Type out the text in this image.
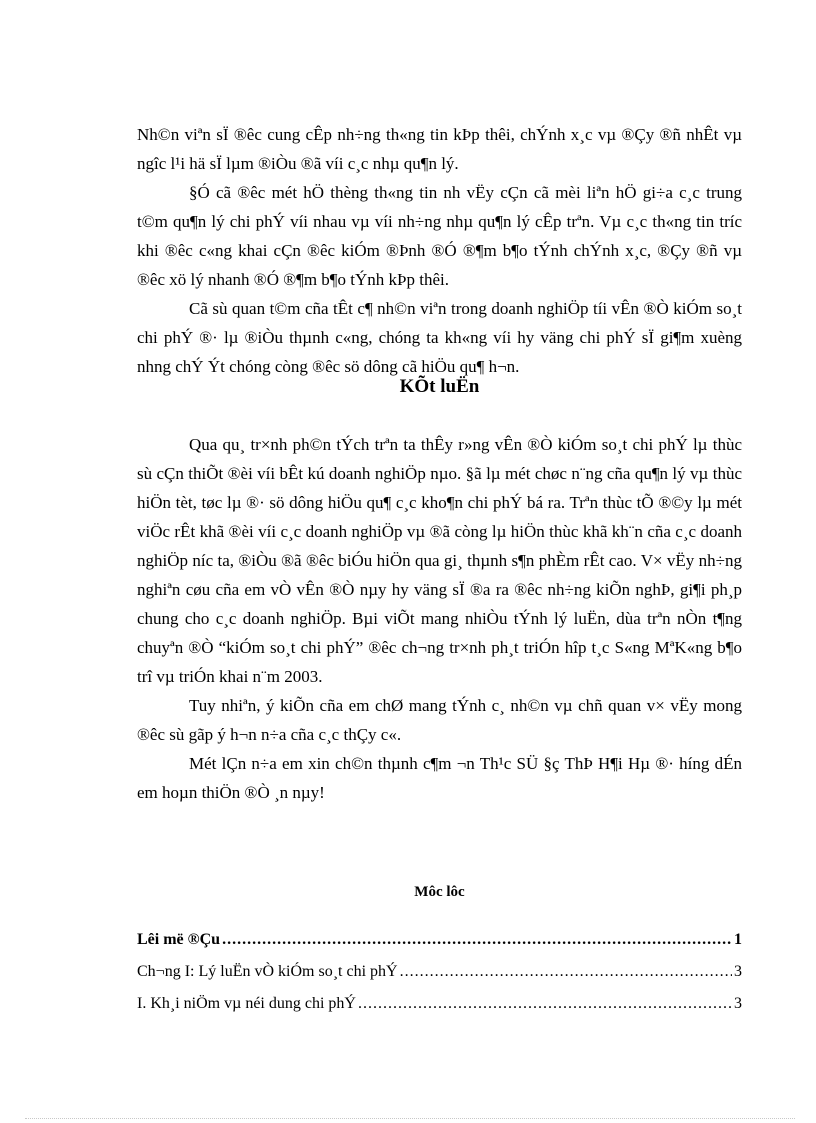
Nh©n viªn sÏ ®êc cung cÊp nh÷ng th«ng tin kÞp thêi, chÝnh x¸c vµ ®Çy ®ñ nhÊt vµ ngîc l¹i hä sÏ lµm ®iÒu ®ã víi c¸c nhµ qu¶n lý.

§Ó cã ®êc mét hÖ thèng th«ng tin nh vËy cÇn cã mèi liªn hÖ gi÷a c¸c trung t©m qu¶n lý chi phÝ víi nhau vµ víi nh÷ng nhµ qu¶n lý cÊp trªn. Vµ c¸c th«ng tin tríc khi ®êc c«ng khai cÇn ®êc kiÓm ®Þnh ®Ó ®¶m b¶o tÝnh chÝnh x¸c, ®Çy ®ñ vµ ®êc xö lý nhanh ®Ó ®¶m b¶o tÝnh kÞp thêi.

Cã sù quan t©m cña tÊt c¶ nh©n viªn trong doanh nghiÖp tíi vÊn ®Ò kiÓm so¸t chi phÝ ®· lµ ®iÒu thµnh c«ng, chóng ta kh«ng víi hy väng chi phÝ sÏ gi¶m xuèng nhng chÝ Ýt chóng còng ®êc sö dông cã hiÖu qu¶ h¬n.

KÕt luËn

Qua qu¸ tr×nh ph©n tÝch trªn ta thÊy r»ng vÊn ®Ò kiÓm so¸t chi phÝ lµ thùc sù cÇn thiÕt ®èi víi bÊt kú doanh nghiÖp nµo. §ã lµ mét chøc n¨ng cña qu¶n lý vµ thùc hiÖn tèt, tøc lµ ®· sö dông hiÖu qu¶ c¸c kho¶n chi phÝ bá ra. Trªn thùc tÕ ®©y lµ mét viÖc rÊt khã ®èi víi c¸c doanh nghiÖp vµ ®ã còng lµ hiÖn thùc khã kh¨n cña c¸c doanh nghiÖp níc ta, ®iÒu ®ã ®êc biÓu hiÖn qua gi¸ thµnh s¶n phÈm rÊt cao. V× vËy nh÷ng nghiªn cøu cña em vÒ vÊn ®Ò nµy hy väng sÏ ®a ra ®êc nh÷ng kiÕn nghÞ, gi¶i ph¸p chung cho c¸c doanh nghiÖp. Bµi viÕt mang nhiÒu tÝnh lý luËn, dùa trªn nÒn t¶ng chuyªn ®Ò “kiÓm so¸t chi phÝ” ®êc ch¬ng tr×nh ph¸t triÓn hîp t¸c S«ng MªK«ng b¶o trî vµ triÓn khai n¨m 2003.

Tuy nhiªn, ý kiÕn cña em chØ mang tÝnh c¸ nh©n vµ chñ quan v× vËy mong ®êc sù gãp ý h¬n n÷a cña c¸c thÇy c«.

Mét lÇn n÷a em xin ch©n thµnh c¶m ¬n Th¹c SÜ §ç ThÞ H¶i Hµ ®· híng dÉn em hoµn thiÖn ®Ò ¸n nµy!

Môc lôc
Lêi më ®Çu .....	1
Ch¬ng I: Lý luËn vÒ kiÓm so¸t chi phÝ .....	3
I. Kh¸i niÖm vµ néi dung chi phÝ .....	3
